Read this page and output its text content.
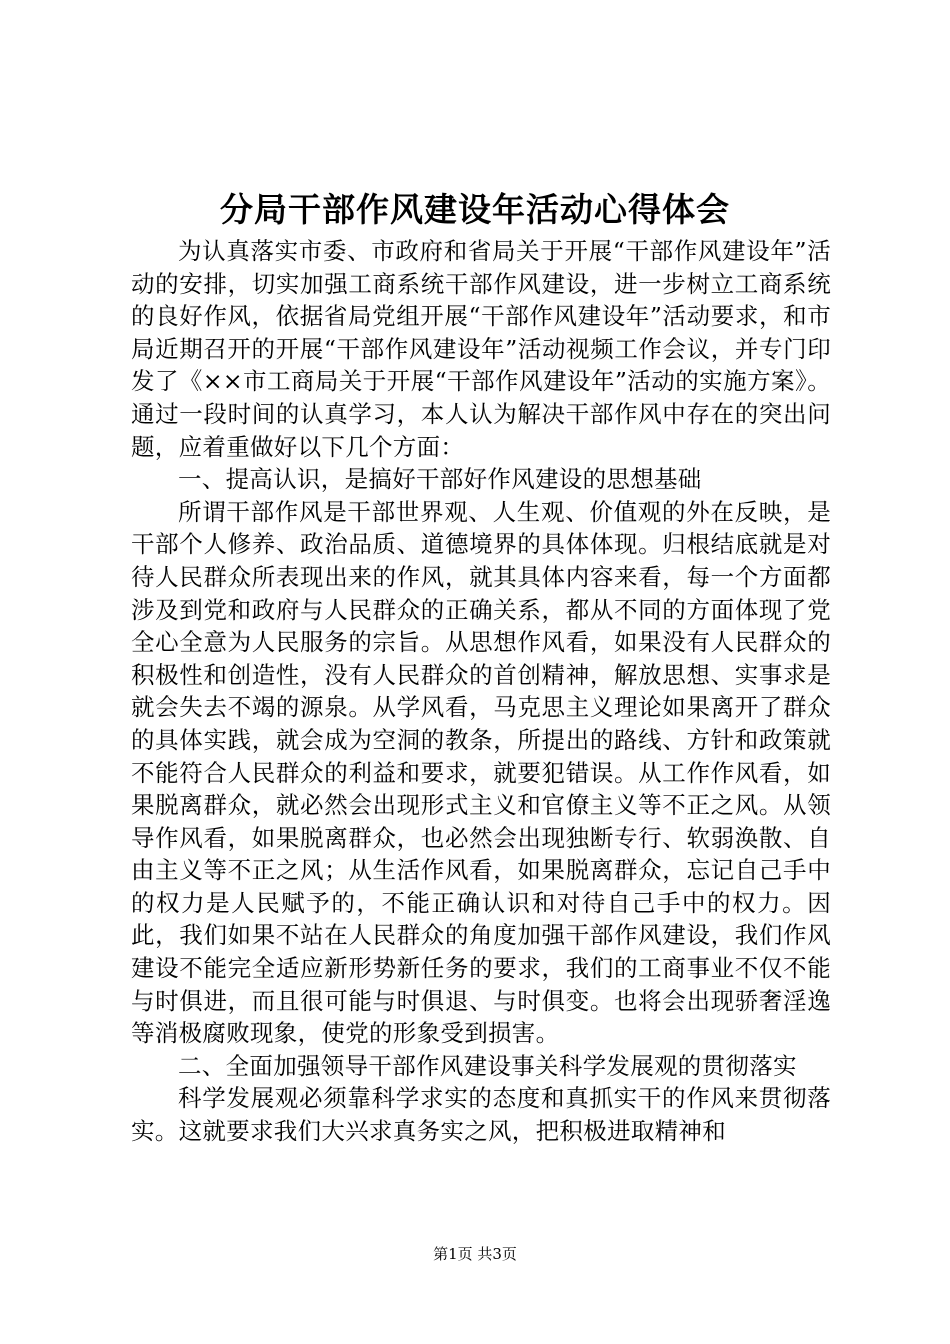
分局干部作风建设年活动心得体会

为认真落实市委、市政府和省局关于开展“干部作风建设年”活动的安排，切实加强工商系统干部作风建设，进一步树立工商系统的良好作风，依据省局党组开展“干部作风建设年”活动要求，和市局近期召开的开展“干部作风建设年”活动视频工作会议，并专门印发了《××市工商局关于开展“干部作风建设年”活动的实施方案》。通过一段时间的认真学习，本人认为解决干部作风中存在的突出问题，应着重做好以下几个方面：

一、提高认识，是搞好干部好作风建设的思想基础

所谓干部作风是干部世界观、人生观、价值观的外在反映，是干部个人修养、政治品质、道德境界的具体体现。归根结底就是对待人民群众所表现出来的作风，就其具体内容来看，每一个方面都涉及到党和政府与人民群众的正确关系，都从不同的方面体现了党全心全意为人民服务的宗旨。从思想作风看，如果没有人民群众的积极性和创造性，没有人民群众的首创精神，解放思想、实事求是就会失去不竭的源泉。从学风看，马克思主义理论如果离开了群众的具体实践，就会成为空洞的教条，所提出的路线、方针和政策就不能符合人民群众的利益和要求，就要犯错误。从工作作风看，如果脱离群众，就必然会出现形式主义和官僚主义等不正之风。从领导作风看，如果脱离群众，也必然会出现独断专行、软弱涣散、自由主义等不正之风；从生活作风看，如果脱离群众，忘记自己手中的权力是人民赋予的，不能正确认识和对待自己手中的权力。因此，我们如果不站在人民群众的角度加强干部作风建设，我们作风建设不能完全适应新形势新任务的要求，我们的工商事业不仅不能与时俱进，而且很可能与时俱退、与时俱变。也将会出现骄奢淫逸等消极腐败现象，使党的形象受到损害。

二、全面加强领导干部作风建设事关科学发展观的贯彻落实

科学发展观必须靠科学求实的态度和真抓实干的作风来贯彻落实。这就要求我们大兴求真务实之风，把积极进取精神和

第1页 共3页
